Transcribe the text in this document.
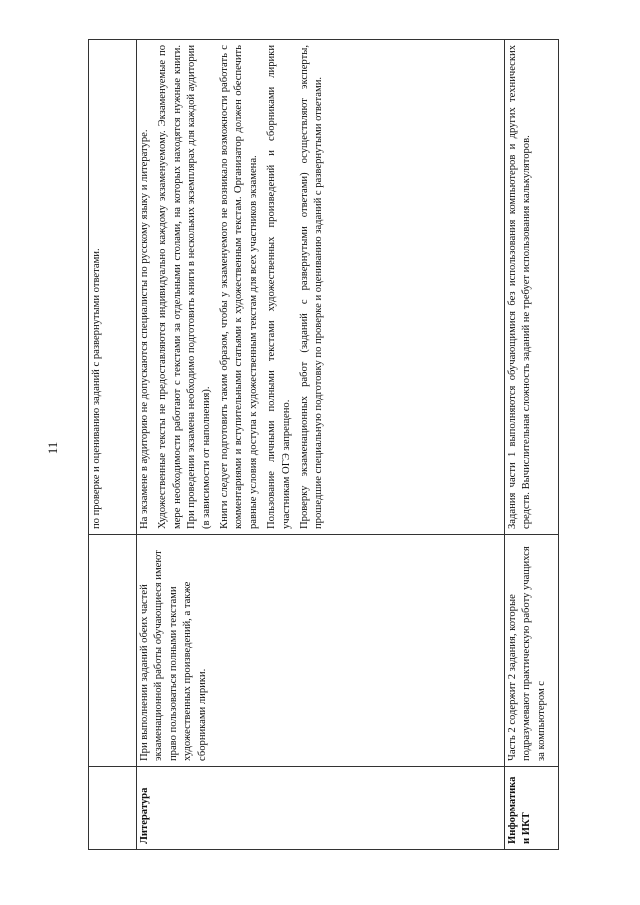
11
			по проверке и оцениванию заданий с развернутыми ответами.
Литература	При выполнении заданий обеих частей экзаменационной работы обучающиеся имеют право пользоваться полными текстами художественных произведений, а также сборниками лирики.	На экзамене в аудиторию не допускаются специалисты по русскому языку и литературе. Художественные тексты не предоставляются индивидуально каждому экзаменуемому. Экзаменуемые по мере необходимости работают с текстами за отдельными столами, на которых находятся нужные книги. При проведении экзамена необходимо подготовить книги в нескольких экземплярах для каждой аудитории (в зависимости от наполнения). Книги следует подготовить таким образом, чтобы у экзаменуемого не возникало возможности работать с комментариями и вступительными статьями к художественным текстам. Организатор должен обеспечить равные условия доступа к художественным текстам для всех участников экзамена. Пользование личными полными текстами художественных произведений и сборниками лирики участникам ОГЭ запрещено. Проверку экзаменационных работ (заданий с развернутыми ответами) осуществляют эксперты, прошедшие специальную подготовку по проверке и оцениванию заданий с развернутыми ответами.

Информатика и ИКТ	Часть 2 содержит 2 задания, которые подразумевают практическую работу учащихся за компьютером с	Задания части 1 выполняются обучающимися без использования компьютеров и других технических средств. Вычислительная сложность заданий не требует использования калькуляторов.
